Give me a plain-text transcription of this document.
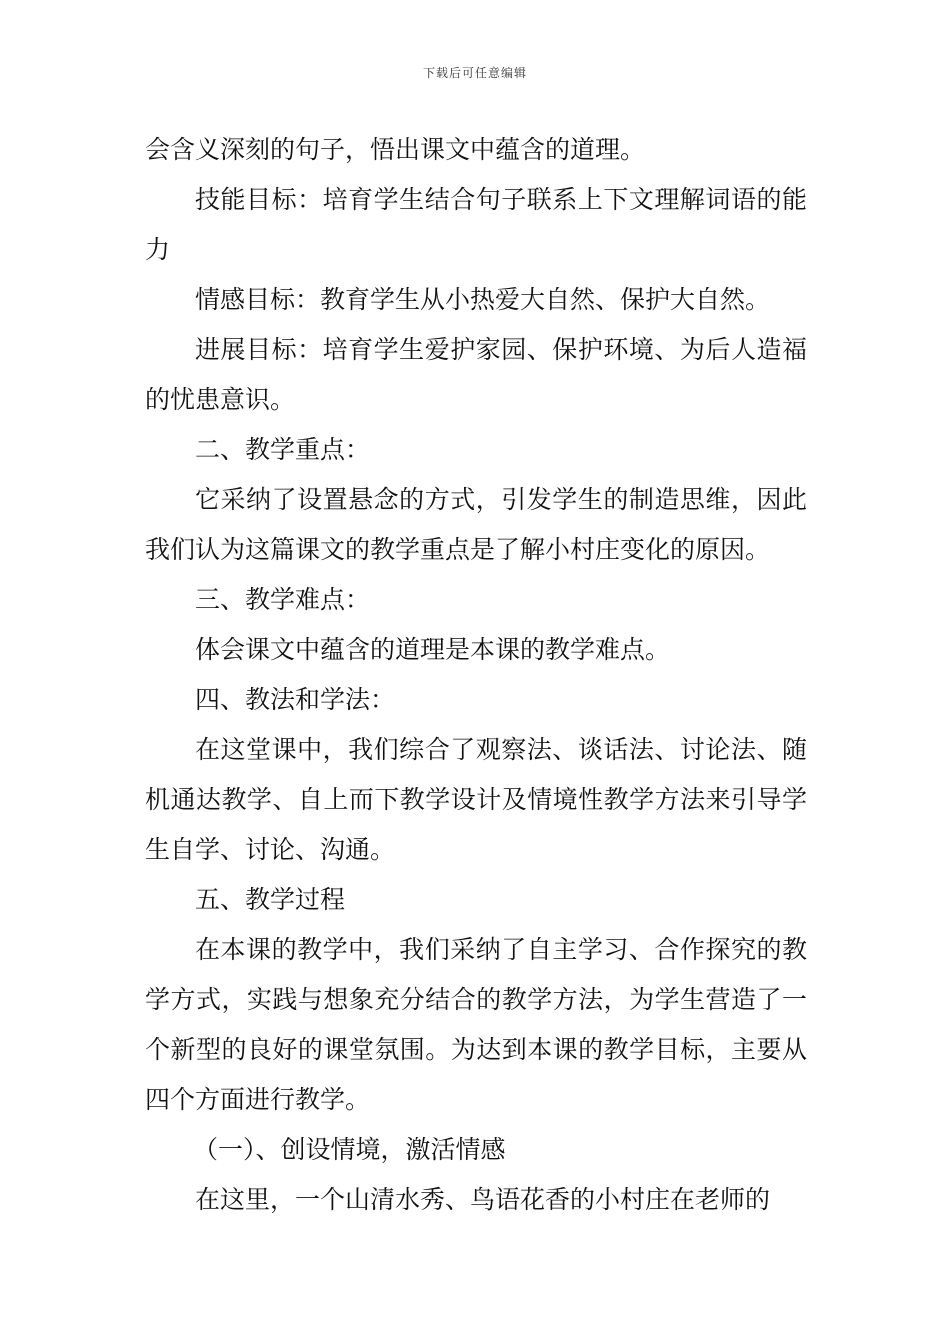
下载后可任意编辑

会含义深刻的句子，悟出课文中蕴含的道理。

技能目标：培育学生结合句子联系上下文理解词语的能力

情感目标：教育学生从小热爱大自然、保护大自然。

进展目标：培育学生爱护家园、保护环境、为后人造福的忧患意识。

二、教学重点：

它采纳了设置悬念的方式，引发学生的制造思维，因此我们认为这篇课文的教学重点是了解小村庄变化的原因。

三、教学难点：

体会课文中蕴含的道理是本课的教学难点。

四、教法和学法：

在这堂课中，我们综合了观察法、谈话法、讨论法、随机通达教学、自上而下教学设计及情境性教学方法来引导学生自学、讨论、沟通。

五、教学过程

在本课的教学中，我们采纳了自主学习、合作探究的教学方式，实践与想象充分结合的教学方法，为学生营造了一个新型的良好的课堂氛围。为达到本课的教学目标，主要从四个方面进行教学。

（一）、创设情境，激活情感

在这里，一个山清水秀、鸟语花香的小村庄在老师的
